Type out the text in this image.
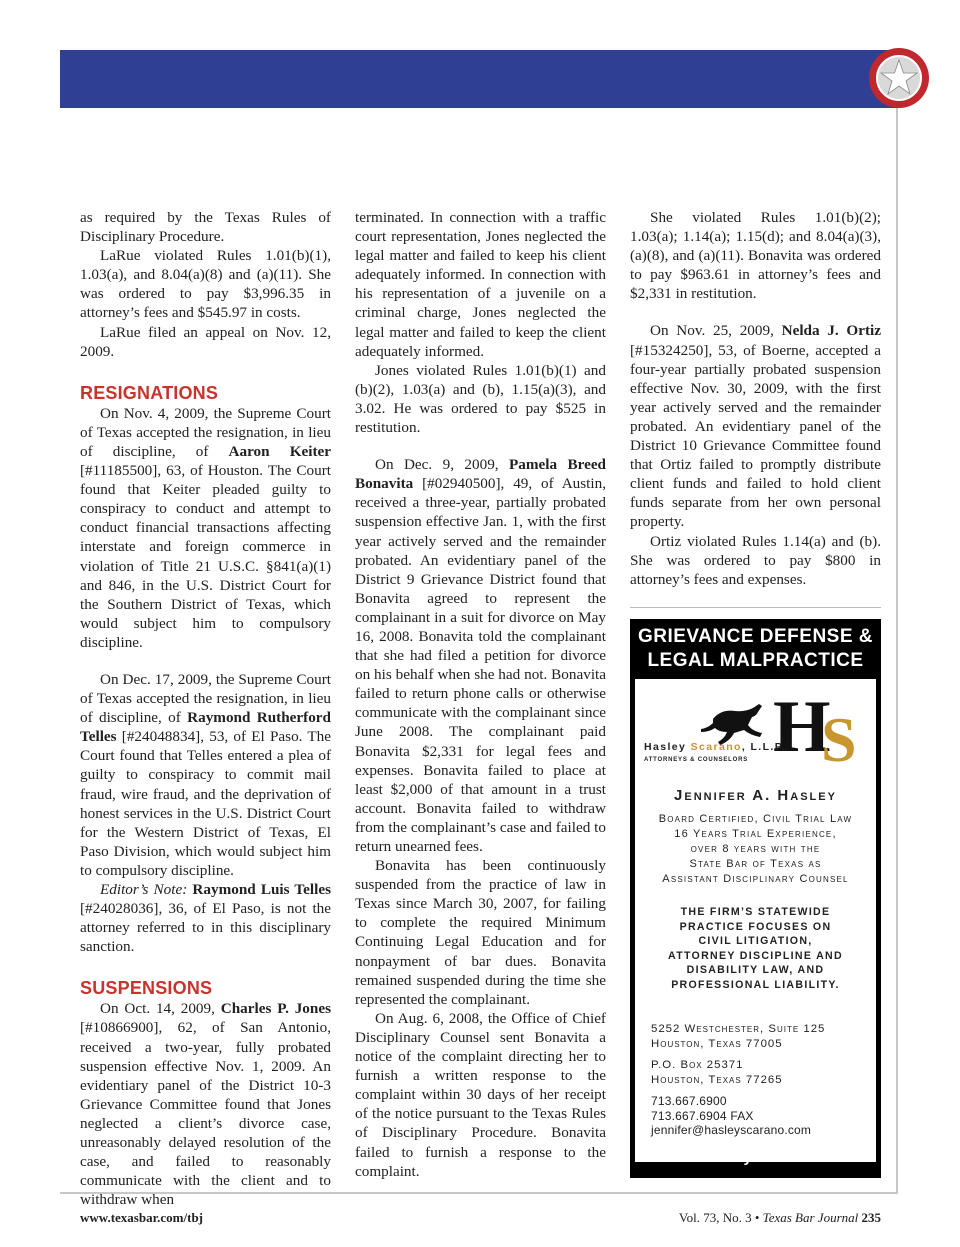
as required by the Texas Rules of Disciplinary Procedure.

LaRue violated Rules 1.01(b)(1), 1.03(a), and 8.04(a)(8) and (a)(11). She was ordered to pay $3,996.35 in attorney’s fees and $545.97 in costs.

LaRue filed an appeal on Nov. 12, 2009.

RESIGNATIONS

On Nov. 4, 2009, the Supreme Court of Texas accepted the resignation, in lieu of discipline, of Aaron Keiter [#11185500], 63, of Houston. The Court found that Keiter pleaded guilty to conspiracy to conduct and attempt to conduct financial transactions affecting interstate and foreign commerce in violation of Title 21 U.S.C. §841(a)(1) and 846, in the U.S. District Court for the Southern District of Texas, which would subject him to compulsory discipline.

On Dec. 17, 2009, the Supreme Court of Texas accepted the resignation, in lieu of discipline, of Raymond Rutherford Telles [#24048834], 53, of El Paso. The Court found that Telles entered a plea of guilty to conspiracy to commit mail fraud, wire fraud, and the deprivation of honest services in the U.S. District Court for the Western District of Texas, El Paso Division, which would subject him to compulsory discipline.

Editor’s Note: Raymond Luis Telles [#24028036], 36, of El Paso, is not the attorney referred to in this disciplinary sanction.

SUSPENSIONS

On Oct. 14, 2009, Charles P. Jones [#10866900], 62, of San Antonio, received a two-year, fully probated suspension effective Nov. 1, 2009. An evidentiary panel of the District 10-3 Grievance Committee found that Jones neglected a client’s divorce case, unreasonably delayed resolution of the case, and failed to reasonably communicate with the client and to withdraw when

terminated. In connection with a traffic court representation, Jones neglected the legal matter and failed to keep his client adequately informed. In connection with his representation of a juvenile on a criminal charge, Jones neglected the legal matter and failed to keep the client adequately informed.

Jones violated Rules 1.01(b)(1) and (b)(2), 1.03(a) and (b), 1.15(a)(3), and 3.02. He was ordered to pay $525 in restitution.

On Dec. 9, 2009, Pamela Breed Bonavita [#02940500], 49, of Austin, received a three-year, partially probated suspension effective Jan. 1, with the first year actively served and the remainder probated. An evidentiary panel of the District 9 Grievance District found that Bonavita agreed to represent the complainant in a suit for divorce on May 16, 2008. Bonavita told the complainant that she had filed a petition for divorce on his behalf when she had not. Bonavita failed to return phone calls or otherwise communicate with the complainant since June 2008. The complainant paid Bonavita $2,331 for legal fees and expenses. Bonavita failed to place at least $2,000 of that amount in a trust account. Bonavita failed to withdraw from the complainant’s case and failed to return unearned fees.

Bonavita has been continuously suspended from the practice of law in Texas since March 30, 2007, for failing to complete the required Minimum Continuing Legal Education and for nonpayment of bar dues. Bonavita remained suspended during the time she represented the complainant.

On Aug. 6, 2008, the Office of Chief Disciplinary Counsel sent Bonavita a notice of the complaint directing her to furnish a written response to the complaint within 30 days of her receipt of the notice pursuant to the Texas Rules of Disciplinary Procedure. Bonavita failed to furnish a response to the complaint.

She violated Rules 1.01(b)(2); 1.03(a); 1.14(a); 1.15(d); and 8.04(a)(3), (a)(8), and (a)(11). Bonavita was ordered to pay $963.61 in attorney’s fees and $2,331 in restitution.

On Nov. 25, 2009, Nelda J. Ortiz [#15324250], 53, of Boerne, accepted a four-year partially probated suspension effective Nov. 30, 2009, with the first year actively served and the remainder probated. An evidentiary panel of the District 10 Grievance Committee found that Ortiz failed to promptly distribute client funds and failed to hold client funds separate from her own personal property.

Ortiz violated Rules 1.14(a) and (b). She was ordered to pay $800 in attorney’s fees and expenses.

GRIEVANCE DEFENSE &
LEGAL MALPRACTICE
H
S
Hasley Scarano, L.L.P.
ATTORNEYS & COUNSELORS
Jennifer A. Hasley
Board Certified, Civil Trial Law
16 Years Trial Experience,
over 8 years with the
State Bar of Texas as
Assistant Disciplinary Counsel
THE FIRM’S STATEWIDE
PRACTICE FOCUSES ON
CIVIL LITIGATION,
ATTORNEY DISCIPLINE AND
DISABILITY LAW, AND
PROFESSIONAL LIABILITY.
5252 Westchester, Suite 125
Houston, Texas 77005
P.O. Box 25371
Houston, Texas 77265
713.667.6900
713.667.6904 FAX
jennifer@hasleyscarano.com
www.hasleyscarano.com
www.texasbar.com/tbj	Vol. 73, No. 3 • Texas Bar Journal 235
